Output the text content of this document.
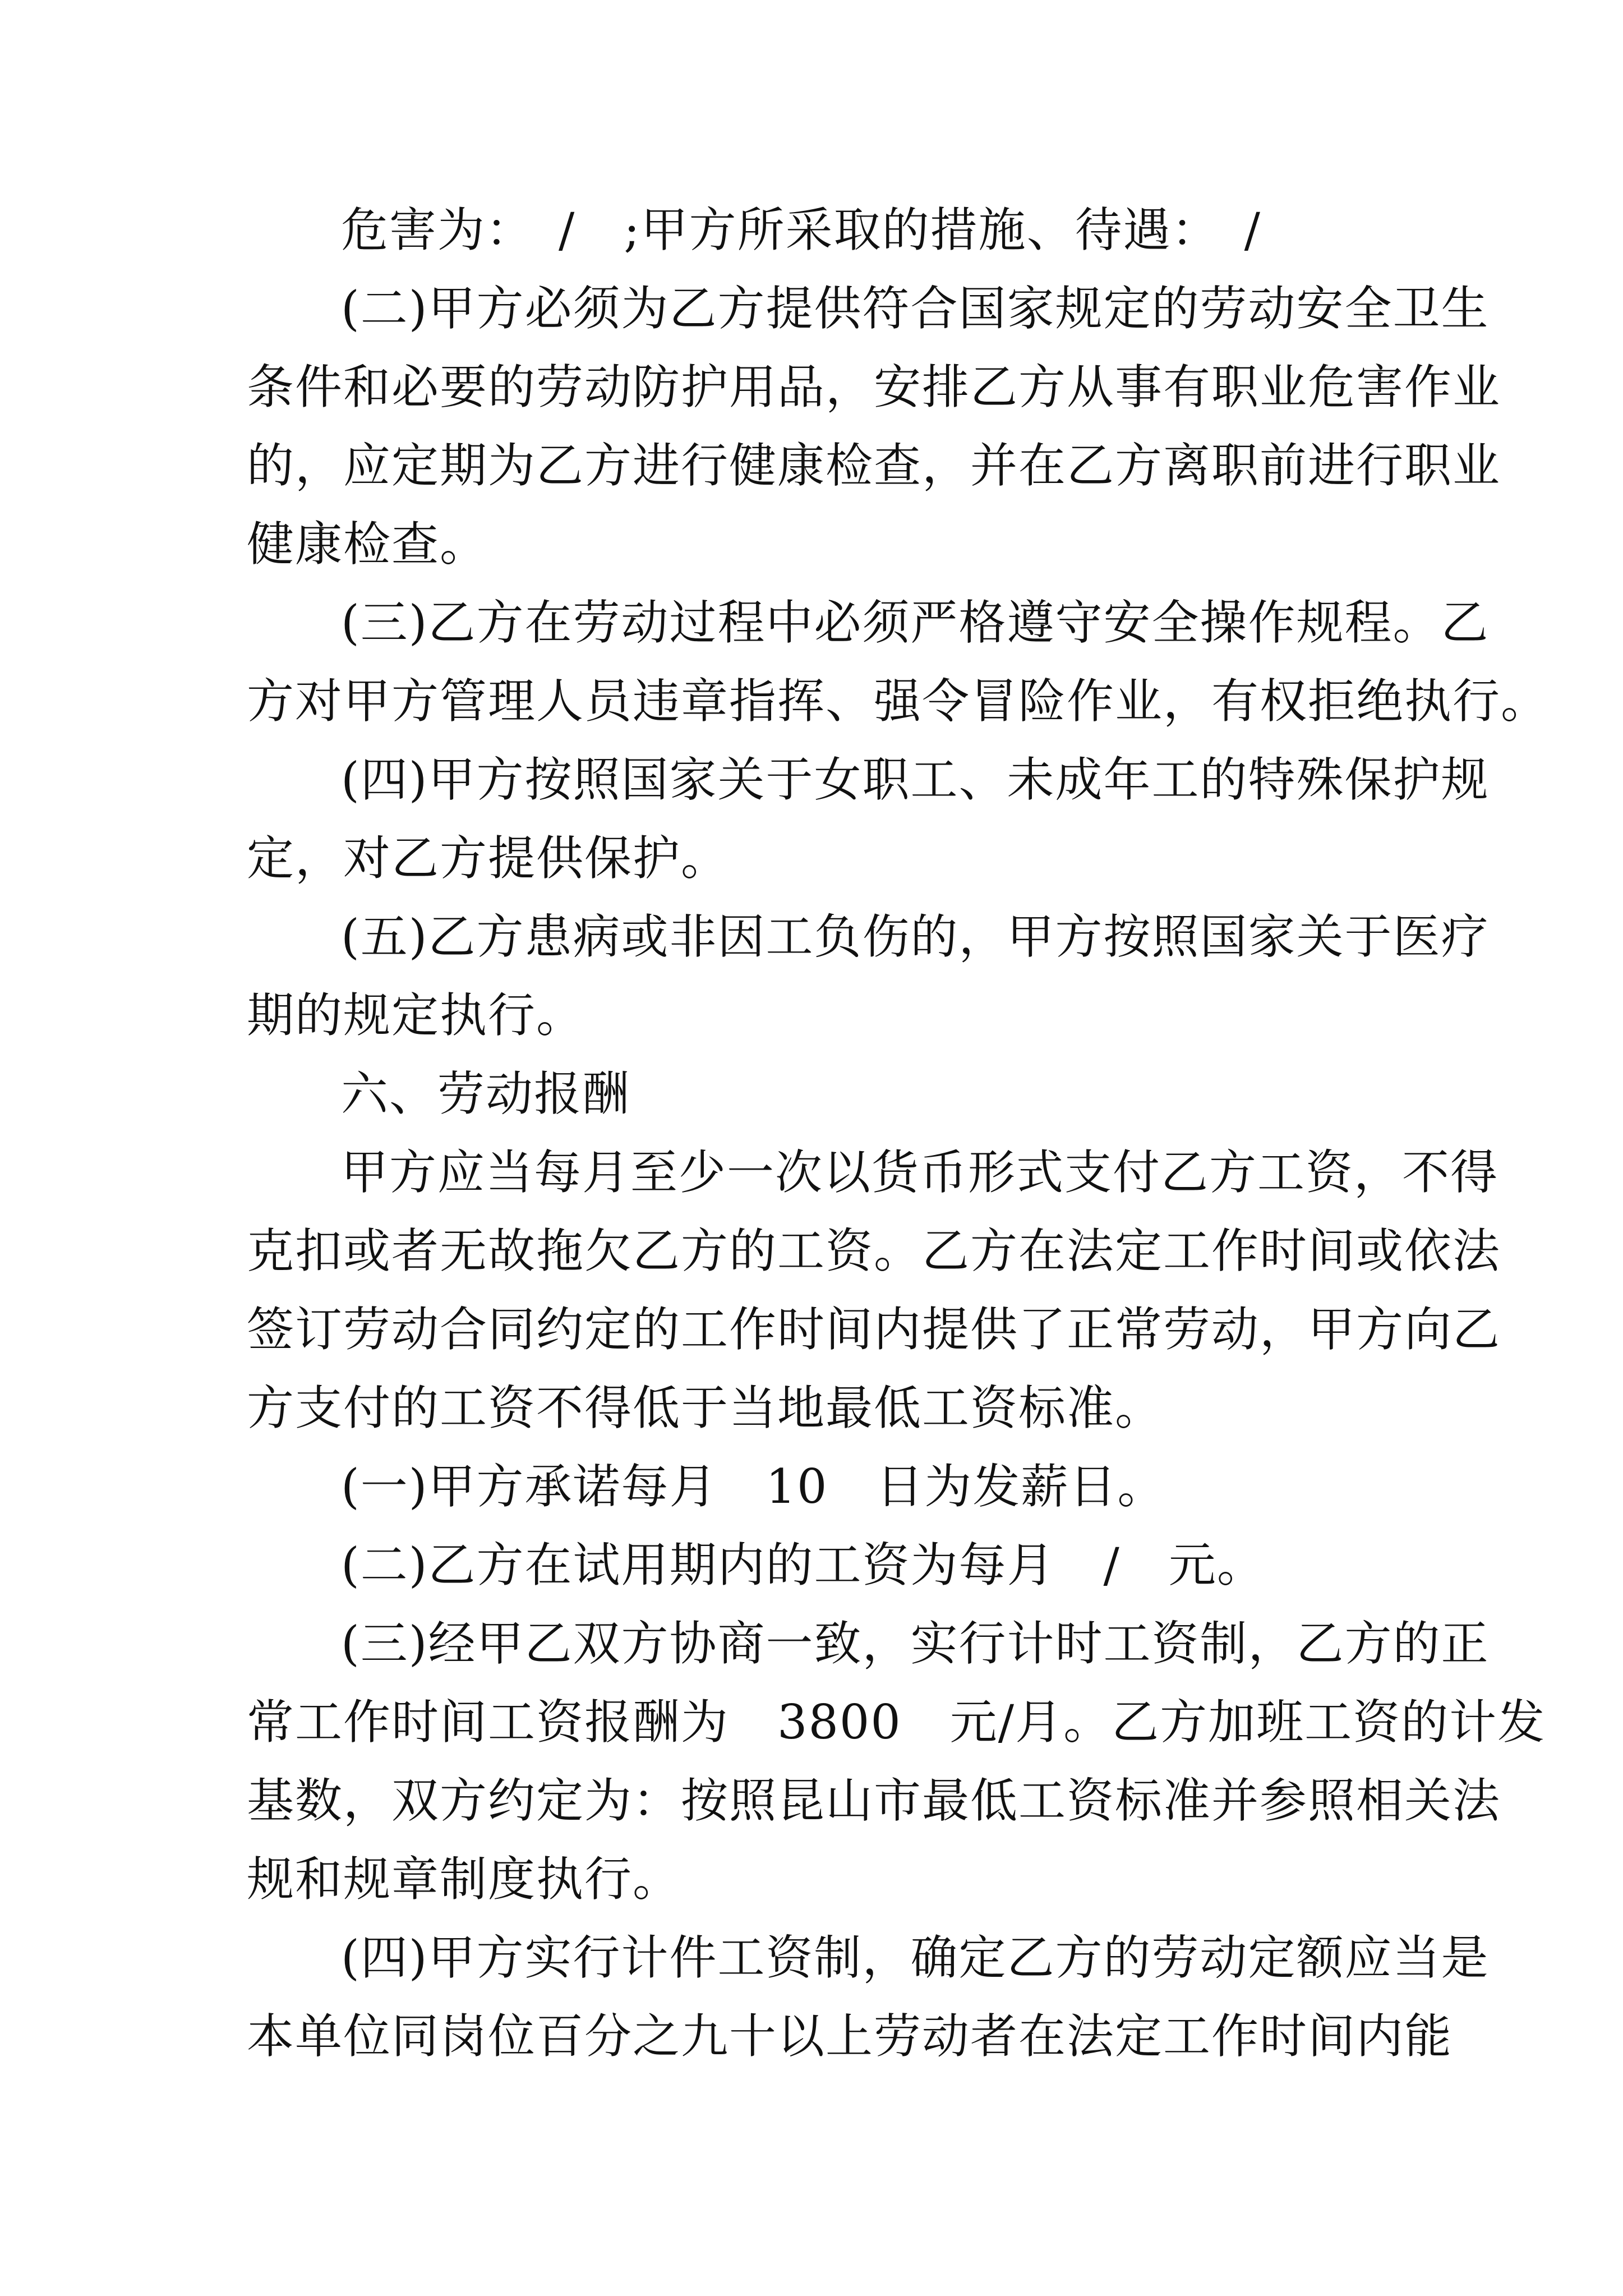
危害为：　/　;甲方所采取的措施、待遇：　/
(二)甲方必须为乙方提供符合国家规定的劳动安全卫生
条件和必要的劳动防护用品，安排乙方从事有职业危害作业
的，应定期为乙方进行健康检查，并在乙方离职前进行职业
健康检查。
(三)乙方在劳动过程中必须严格遵守安全操作规程。乙
方对甲方管理人员违章指挥、强令冒险作业，有权拒绝执行。
(四)甲方按照国家关于女职工、未成年工的特殊保护规
定，对乙方提供保护。
(五)乙方患病或非因工负伤的，甲方按照国家关于医疗
期的规定执行。
六、劳动报酬
甲方应当每月至少一次以货币形式支付乙方工资，不得
克扣或者无故拖欠乙方的工资。乙方在法定工作时间或依法
签订劳动合同约定的工作时间内提供了正常劳动，甲方向乙
方支付的工资不得低于当地最低工资标准。
(一)甲方承诺每月　10　日为发薪日。
(二)乙方在试用期内的工资为每月　/　元。
(三)经甲乙双方协商一致，实行计时工资制，乙方的正
常工作时间工资报酬为　3800　元/月。乙方加班工资的计发
基数，双方约定为：按照昆山市最低工资标准并参照相关法
规和规章制度执行。
(四)甲方实行计件工资制，确定乙方的劳动定额应当是
本单位同岗位百分之九十以上劳动者在法定工作时间内能
